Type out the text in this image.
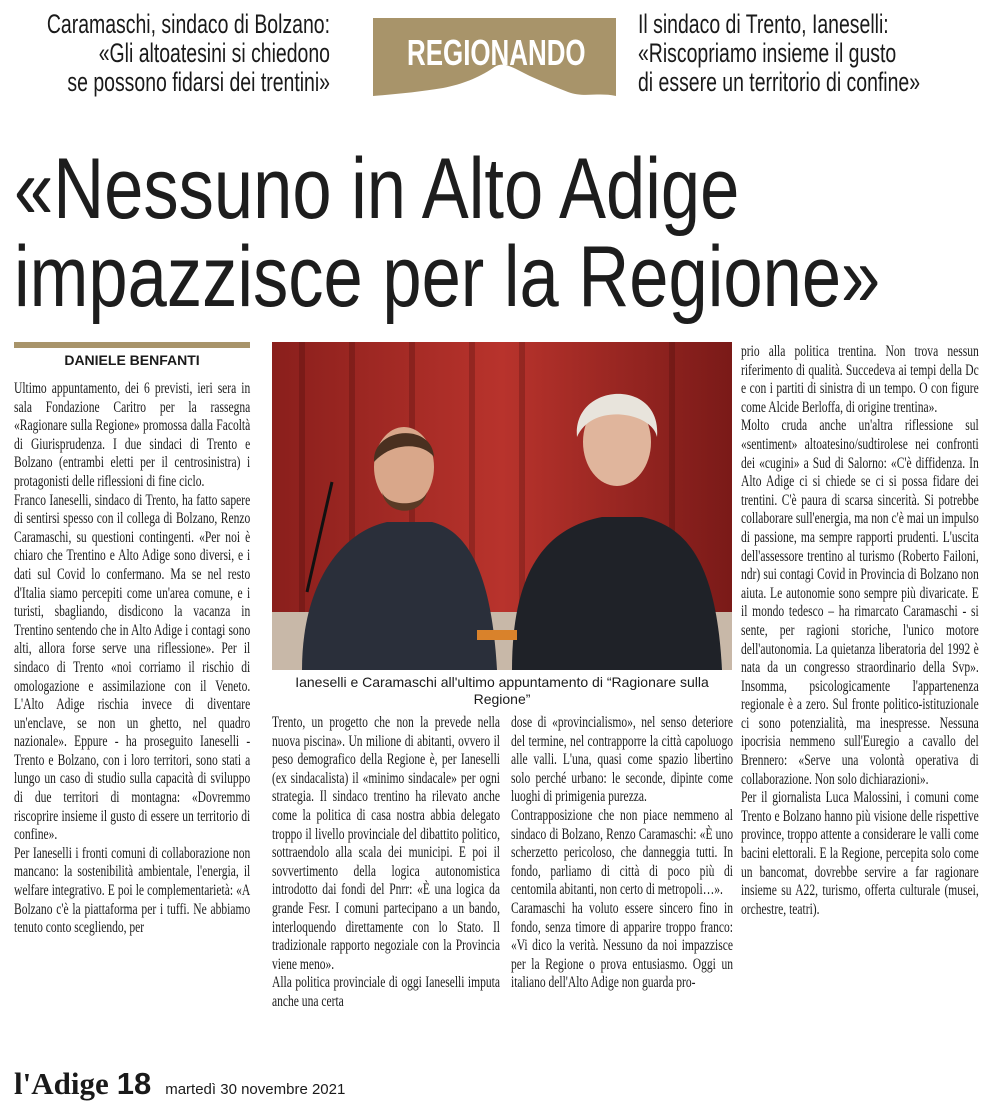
Caramaschi, sindaco di Bolzano:
«Gli altoatesini si chiedono
se possono fidarsi dei trentini»
REGIONANDO
Il sindaco di Trento, Ianeselli:
«Riscopriamo insieme il gusto
di essere un territorio di confine»
«Nessuno in Alto Adige
impazzisce per la Regione»
DANIELE BENFANTI

Ultimo appuntamento, dei 6 previsti, ieri sera in sala Fondazione Caritro per la rassegna «Ragionare sulla Regione» promossa dalla Facoltà di Giurisprudenza. I due sindaci di Trento e Bolzano (entrambi eletti per il centrosinistra) i protagonisti delle riflessioni di fine ciclo.

Franco Ianeselli, sindaco di Trento, ha fatto sapere di sentirsi spesso con il collega di Bolzano, Renzo Caramaschi, su questioni contingenti. «Per noi è chiaro che Trentino e Alto Adige sono diversi, e i dati sul Covid lo confermano. Ma se nel resto d'Italia siamo percepiti come un'area comune, e i turisti, sbagliando, disdicono la vacanza in Trentino sentendo che in Alto Adige i contagi sono alti, allora forse serve una riflessione». Per il sindaco di Trento «noi corriamo il rischio di omologazione e assimilazione con il Veneto. L'Alto Adige rischia invece di diventare un'enclave, se non un ghetto, nel quadro nazionale». Eppure - ha proseguito Ianeselli - Trento e Bolzano, con i loro territori, sono stati a lungo un caso di studio sulla capacità di sviluppo di due territori di montagna: «Dovremmo riscoprire insieme il gusto di essere un territorio di confine».

Per Ianeselli i fronti comuni di collaborazione non mancano: la sostenibilità ambientale, l'energia, il welfare integrativo. E poi le complementarietà: «A Bolzano c'è la piattaforma per i tuffi. Ne abbiamo tenuto conto scegliendo, per

Ianeselli e Caramaschi all'ultimo appuntamento di “Ragionare sulla Regione”

Trento, un progetto che non la prevede nella nuova piscina». Un milione di abitanti, ovvero il peso demografico della Regione è, per Ianeselli (ex sindacalista) il «minimo sindacale» per ogni strategia. Il sindaco trentino ha rilevato anche come la politica di casa nostra abbia delegato troppo il livello provinciale del dibattito politico, sottraendolo alla scala dei municipi. E poi il sovvertimento della logica autonomistica introdotto dai fondi del Pnrr: «È una logica da grande Fesr. I comuni partecipano a un bando, interloquendo direttamente con lo Stato. Il tradizionale rapporto negoziale con la Provincia viene meno».

Alla politica provinciale di oggi Ianeselli imputa anche una certa

dose di «provincialismo», nel senso deteriore del termine, nel contrapporre la città capoluogo alle valli. L'una, quasi come spazio libertino solo perché urbano: le seconde, dipinte come luoghi di primigenia purezza.

Contrapposizione che non piace nemmeno al sindaco di Bolzano, Renzo Caramaschi: «È uno scherzetto pericoloso, che danneggia tutti. In fondo, parliamo di città di poco più di centomila abitanti, non certo di metropoli…».

Caramaschi ha voluto essere sincero fino in fondo, senza timore di apparire troppo franco: «Vi dico la verità. Nessuno da noi impazzisce per la Regione o prova entusiasmo. Oggi un italiano dell'Alto Adige non guarda pro-

prio alla politica trentina. Non trova nessun riferimento di qualità. Succedeva ai tempi della Dc e con i partiti di sinistra di un tempo. O con figure come Alcide Berloffa, di origine trentina».

Molto cruda anche un'altra riflessione sul «sentiment» altoatesino/sudtirolese nei confronti dei «cugini» a Sud di Salorno: «C'è diffidenza. In Alto Adige ci si chiede se ci si possa fidare dei trentini. C'è paura di scarsa sincerità. Si potrebbe collaborare sull'energia, ma non c'è mai un impulso di passione, ma sempre rapporti prudenti. L'uscita dell'assessore trentino al turismo (Roberto Failoni, ndr) sui contagi Covid in Provincia di Bolzano non aiuta. Le autonomie sono sempre più divaricate. E il mondo tedesco – ha rimarcato Caramaschi - si sente, per ragioni storiche, l'unico motore dell'autonomia. La quietanza liberatoria del 1992 è nata da un congresso straordinario della Svp». Insomma, psicologicamente l'appartenenza regionale è a zero. Sul fronte politico-istituzionale ci sono potenzialità, ma inespresse. Nessuna ipocrisia nemmeno sull'Euregio a cavallo del Brennero: «Serve una volontà operativa di collaborazione. Non solo dichiarazioni».

Per il giornalista Luca Malossini, i comuni come Trento e Bolzano hanno più visione delle rispettive province, troppo attente a considerare le valli come bacini elettorali. E la Regione, percepita solo come un bancomat, dovrebbe servire a far ragionare insieme su A22, turismo, offerta culturale (musei, orchestre, teatri).

l'Adige 18 martedì 30 novembre 2021
